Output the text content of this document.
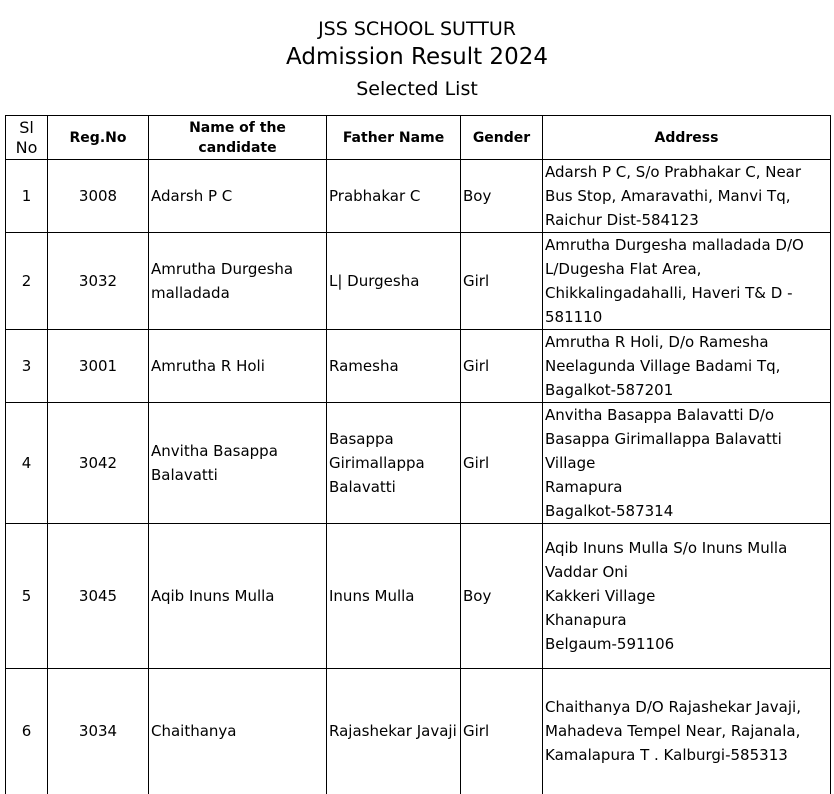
JSS SCHOOL SUTTUR
Admission Result 2024
Selected List
Sl No	Reg.No	Name of the candidate	Father Name	Gender	Address
1	3008	Adarsh P C	Prabhakar C	Boy	Adarsh P C, S/o Prabhakar C, Near Bus Stop, Amaravathi, Manvi Tq, Raichur Dist-584123
2	3032	Amrutha Durgesha malladada	L| Durgesha	Girl	Amrutha Durgesha malladada D/O L/Dugesha Flat Area, Chikkalingadahalli, Haveri T& D - 581110
3	3001	Amrutha R Holi	Ramesha	Girl	Amrutha R Holi, D/o Ramesha Neelagunda Village Badami Tq, Bagalkot-587201
4	3042	Anvitha Basappa Balavatti	Basappa Girimallappa Balavatti	Girl	Anvitha Basappa Balavatti D/o Basappa Girimallappa Balavatti Village
Ramapura
Bagalkot-587314
5	3045	Aqib Inuns Mulla	Inuns Mulla	Boy	Aqib Inuns Mulla S/o Inuns Mulla
Vaddar Oni
Kakkeri Village
Khanapura
Belgaum-591106
6	3034	Chaithanya	Rajashekar Javaji	Girl	Chaithanya D/O Rajashekar Javaji, Mahadeva Tempel Near, Rajanala, Kamalapura T . Kalburgi-585313
